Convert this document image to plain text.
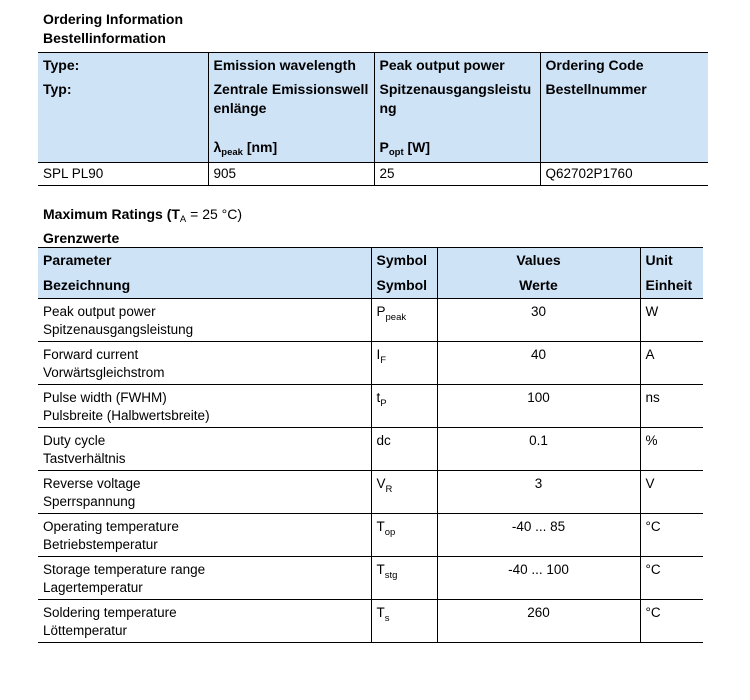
Ordering Information
Bestellinformation
Type:	Emission wavelength	Peak output power	Ordering Code
Typ:	Zentrale Emissionswellenlänge	Spitzenausgangsleistung	Bestellnummer
	$\lambda_{peak}$ [nm]	$P_{opt}$ [W]	
SPL PL90	905	25	Q62702P1760
Maximum Ratings ($T_A = 25$ °C)
Grenzwerte
Parameter	Symbol	Values	Unit
Bezeichnung	Symbol	Werte	Einheit

Peak output power
Spitzenausgangsleistung	$P_{peak}$	30	W

Forward current
Vorwärtsgleichstrom	$I_F$	40	A

Pulse width (FWHM)
Pulsbreite (Halbwertsbreite)	$t_P$	100	ns

Duty cycle
Tastverhältnis	dc	0.1	%

Reverse voltage
Sperrspannung	$V_R$	3	V

Operating temperature
Betriebstemperatur	$T_{op}$	-40 ... 85	°C

Storage temperature range
Lagertemperatur	$T_{stg}$	-40 ... 100	°C

Soldering temperature
Löttemperatur	$T_s$	260	°C
